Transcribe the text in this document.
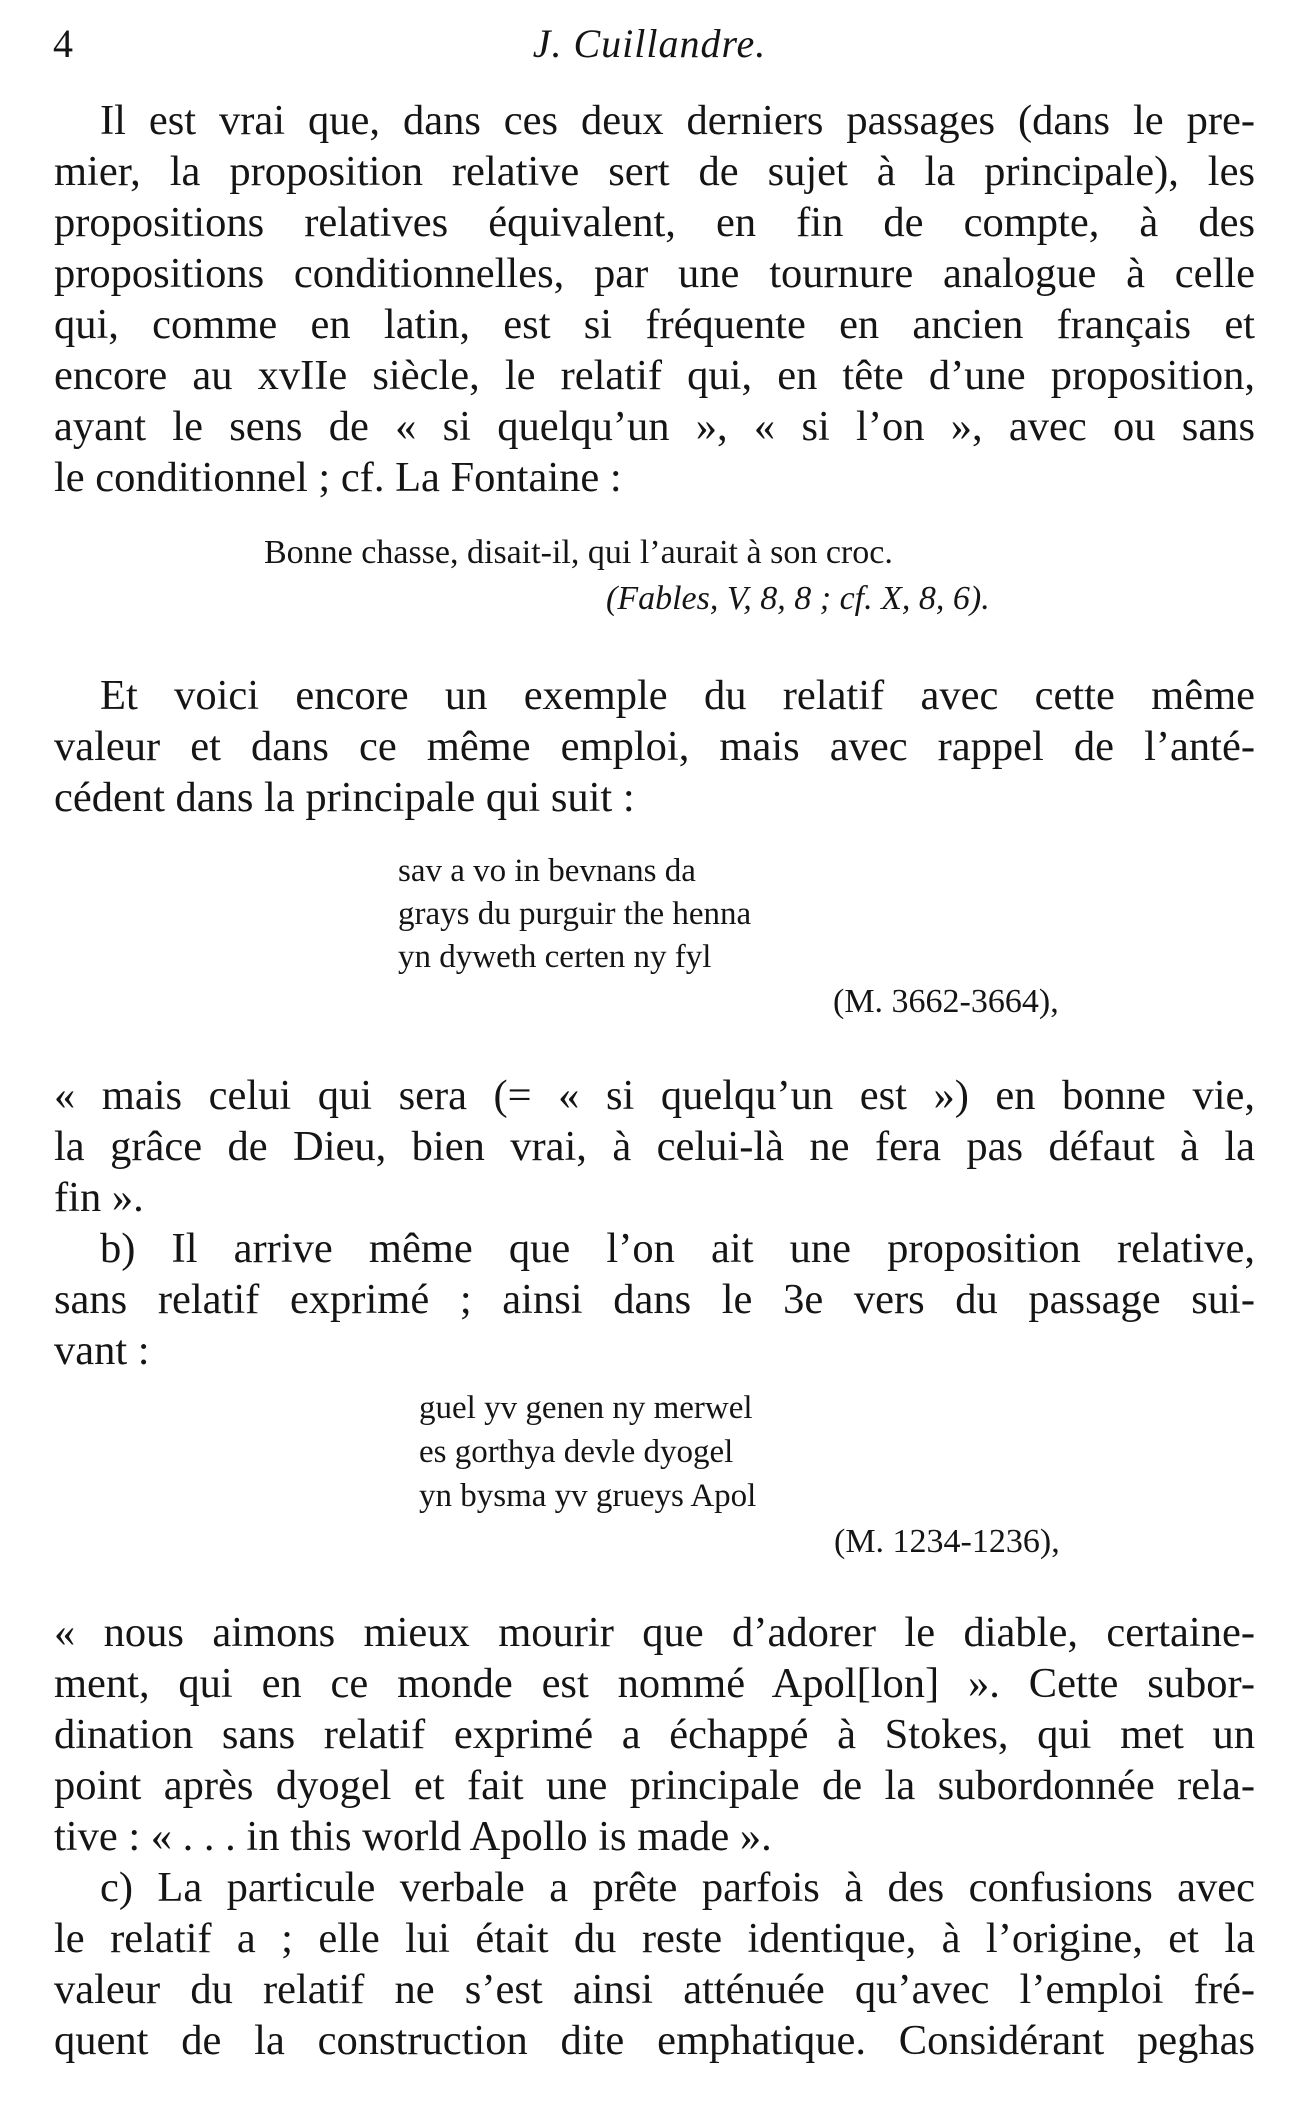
4	J. Cuillandre.
Il est vrai que, dans ces deux derniers passages (dans le pre-
mier, la proposition relative sert de sujet à la principale), les
propositions relatives équivalent, en fin de compte, à des
propositions conditionnelles, par une tournure analogue à celle
qui, comme en latin, est si fréquente en ancien français et
encore au xvIIe siècle, le relatif qui, en tête d’une proposition,
ayant le sens de « si quelqu’un », « si l’on », avec ou sans
le conditionnel ; cf. La Fontaine :
Bonne chasse, disait-il, qui l’aurait à son croc.
(Fables, V, 8, 8 ; cf. X, 8, 6).
Et voici encore un exemple du relatif avec cette même
valeur et dans ce même emploi, mais avec rappel de l’anté-
cédent dans la principale qui suit :
sav a vo in bevnans da
grays du purguir the henna
yn dyweth certen ny fyl
(M. 3662-3664),
« mais celui qui sera (= « si quelqu’un est ») en bonne vie,
la grâce de Dieu, bien vrai, à celui-là ne fera pas défaut à la
fin ».
b) Il arrive même que l’on ait une proposition relative,
sans relatif exprimé ; ainsi dans le 3e vers du passage sui-
vant :
guel yv genen ny merwel
es gorthya devle dyogel
yn bysma yv grueys Apol
(M. 1234-1236),
« nous aimons mieux mourir que d’adorer le diable, certaine-
ment, qui en ce monde est nommé Apol[lon] ». Cette subor-
dination sans relatif exprimé a échappé à Stokes, qui met un
point après dyogel et fait une principale de la subordonnée rela-
tive : « . . . in this world Apollo is made ».
c) La particule verbale a prête parfois à des confusions avec
le relatif a ; elle lui était du reste identique, à l’origine, et la
valeur du relatif ne s’est ainsi atténuée qu’avec l’emploi fré-
quent de la construction dite emphatique. Considérant peghas
